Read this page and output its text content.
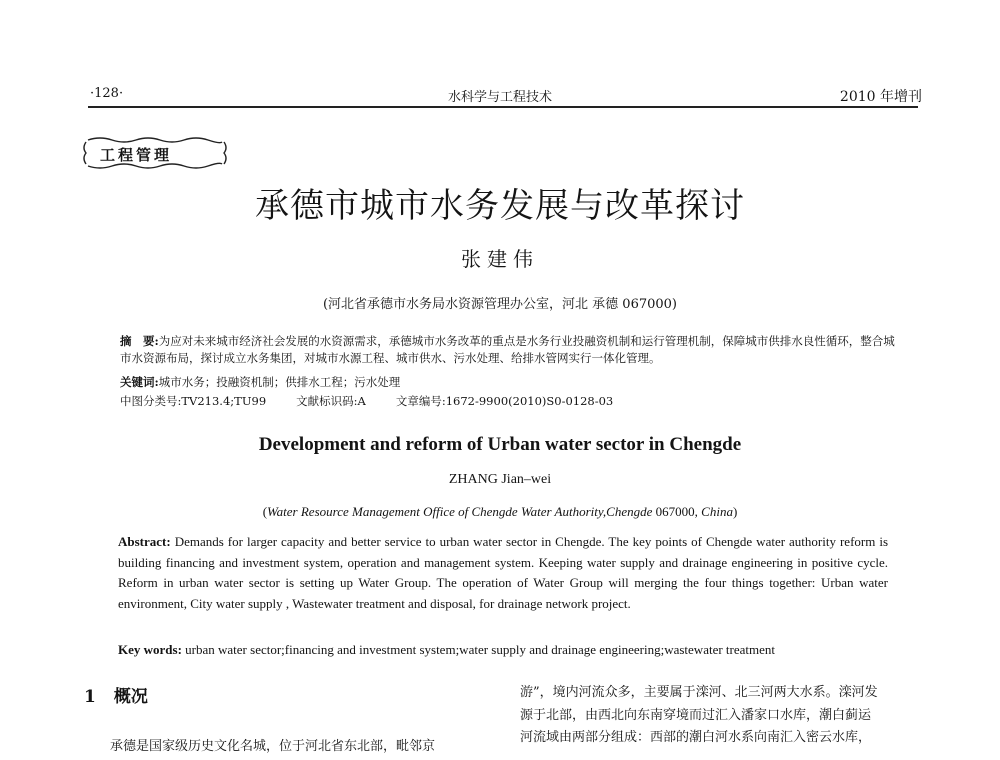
·128·	水科学与工程技术	2010 年增刊
工程管理
承德市城市水务发展与改革探讨
张建伟
(河北省承德市水务局水资源管理办公室，河北 承德 067000)
摘　要:为应对未来城市经济社会发展的水资源需求，承德城市水务改革的重点是水务行业投融资机制和运行管理机制，保障城市供排水良性循环，整合城市水资源布局，探讨成立水务集团，对城市水源工程、城市供水、污水处理、给排水管网实行一体化管理。
关键词:城市水务；投融资机制；供排水工程；污水处理
中图分类号:TV213.4;TU99	文献标识码:A	文章编号:1672-9900(2010)S0-0128-03
Development and reform of Urban water sector in Chengde
ZHANG Jian–wei
(Water Resource Management Office of Chengde Water Authority,Chengde 067000, China)
Abstract: Demands for larger capacity and better service to urban water sector in Chengde. The key points of Chengde water authority reform is building financing and investment system, operation and management system. Keeping water supply and drainage engineering in positive cycle. Reform in urban water sector is setting up Water Group. The operation of Water Group will merging the four things together: Urban water environment, City water supply , Wastewater treatment and disposal, for drainage network project.
Key words: urban water sector;financing and investment system;water supply and drainage engineering;wastewater treatment
1 概况
承德是国家级历史文化名城，位于河北省东北部，毗邻京
游”，境内河流众多，主要属于滦河、北三河两大水系。滦河发
源于北部，由西北向东南穿境而过汇入潘家口水库，潮白蓟运
河流域由两部分组成：西部的潮白河水系向南汇入密云水库，
